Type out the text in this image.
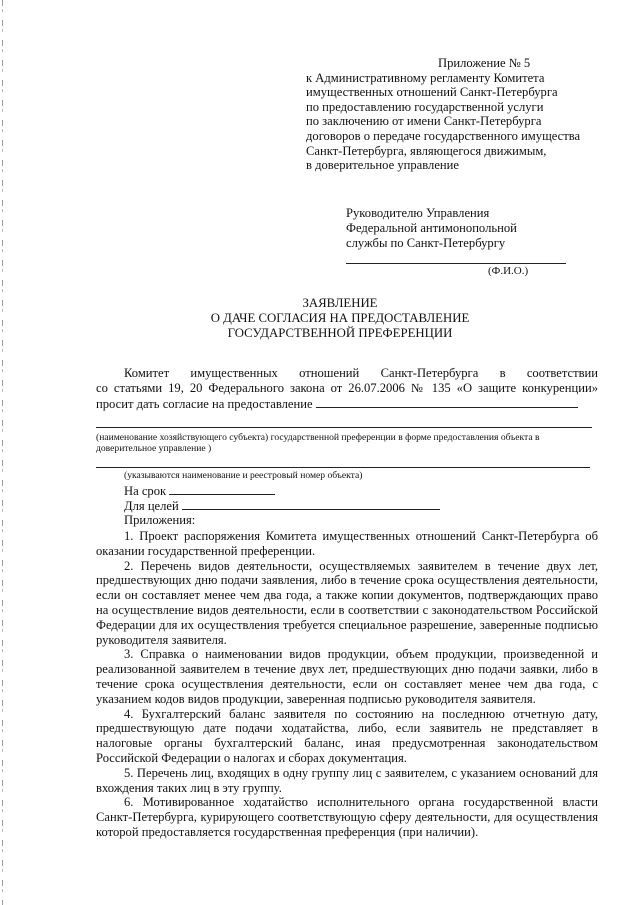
Приложение № 5
к Административному регламенту Комитета
имущественных отношений Санкт-Петербурга
по предоставлению государственной услуги
по заключению от имени Санкт-Петербурга
договоров о передаче государственного имущества
Санкт-Петербурга, являющегося движимым,
в доверительное управление
Руководителю Управления
Федеральной антимонопольной
службы по Санкт-Петербургу
(Ф.И.О.)
ЗАЯВЛЕНИЕ
О ДАЧЕ СОГЛАСИЯ НА ПРЕДОСТАВЛЕНИЕ
ГОСУДАРСТВЕННОЙ ПРЕФЕРЕНЦИИ
Комитет имущественных отношений Санкт-Петербурга в соответствии
со статьями 19, 20 Федерального закона от 26.07.2006 № 135 «О защите конкуренции»
просит дать согласие на предоставление
(наименование хозяйствующего субъекта) государственной преференции в форме предоставления объекта в доверительное управление )
(указываются наименование и реестровый номер объекта)
На срок
Для целей
Приложения:

1. Проект распоряжения Комитета имущественных отношений Санкт-Петербурга об оказании государственной преференции.

2. Перечень видов деятельности, осуществляемых заявителем в течение двух лет, предшествующих дню подачи заявления, либо в течение срока осуществления деятельности, если он составляет менее чем два года, а также копии документов, подтверждающих право на осуществление видов деятельности, если в соответствии с законодательством Российской Федерации для их осуществления требуется специальное разрешение, заверенные подписью руководителя заявителя.

3. Справка о наименовании видов продукции, объем продукции, произведенной и реализованной заявителем в течение двух лет, предшествующих дню подачи заявки, либо в течение срока осуществления деятельности, если он составляет менее чем два года, с указанием кодов видов продукции, заверенная подписью руководителя заявителя.

4. Бухгалтерский баланс заявителя по состоянию на последнюю отчетную дату, предшествующую дате подачи ходатайства, либо, если заявитель не представляет в налоговые органы бухгалтерский баланс, иная предусмотренная законодательством Российской Федерации о налогах и сборах документация.

5. Перечень лиц, входящих в одну группу лиц с заявителем, с указанием оснований для вхождения таких лиц в эту группу.

6. Мотивированное ходатайство исполнительного органа государственной власти Санкт-Петербурга, курирующего соответствующую сферу деятельности, для осуществления которой предоставляется государственная преференция (при наличии).
